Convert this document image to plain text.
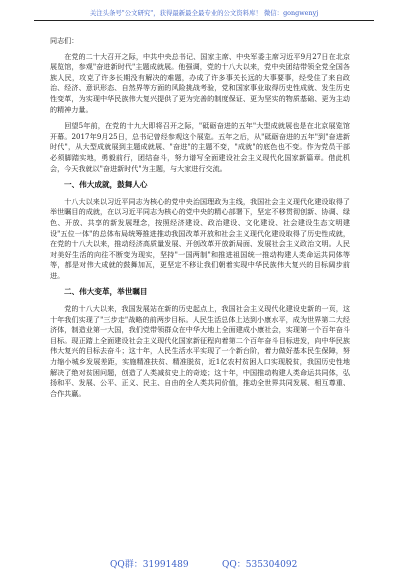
关注头条号"公文研究"，获得最新最全最专业的公文资料库！ 微信：gongwenyj

同志们：

在党的二十大召开之际，中共中央总书记、国家主席、中央军委主席习近平9月27日在北京展览馆，参观"奋进新时代"主题成就展。他强调，党的十八大以来，党中央团结带领全党全国各族人民，攻克了许多长期没有解决的难题，办成了许多事关长远的大事要事，经受住了来自政治、经济、意识形态、自然界等方面的风险挑战考验，党和国家事业取得历史性成就、发生历史性变革，为实现中华民族伟大复兴提供了更为完善的制度保证、更为坚实的物质基础、更为主动的精神力量。

回望5年前，在党的十九大即将召开之际，"砥砺奋进的五年"大型成就展也是在北京展览馆开幕。2017年9月25日，总书记曾经参观这个展览。五年之后，从"砥砺奋进的五年"到"奋进新时代"，从大型成就展到主题成就展、"奋进"的主题不变，"成就"的底色也不变。作为党员干部必须脚踏实地，勇毅前行，团结奋斗，努力谱写全面建设社会主义现代化国家新篇章。借此机会，今天我就以"奋进新时代"为主题，与大家进行交流。

一、伟大成就，鼓舞人心

十八大以来以习近平同志为核心的党中央治国理政为主线，我国社会主义现代化建设取得了举世瞩目的成就，在以习近平同志为核心的党中央的精心部署下，坚定不移贯彻创新、协调、绿色、开放、共享的新发展理念，按照经济建设、政治建设、文化建设、社会建设生态文明建设"五位一体"的总体布局统筹推进推动我国改革开放和社会主义现代化建设取得了历史性成就，在党的十八大以来，推动经济高质量发展、开创改革开放新局面、发展社会主义政治文明。人民对美好生活的向往不断变为现实，坚持"一国两制"和推进祖国统一推动构建人类命运共同体等等，都是对伟大成就的鼓舞加瓦，更坚定不移让我们朝着实现中华民族伟大复兴的目标阔步前进。

二、伟大变革，举世瞩目

党的十八大以来，我国发展站在新的历史起点上，我国社会主义现代化建设史新的一页，这十年我们实现了"三步走"战略的前两步目标。人民生活总体上达到小康水平，成为世界第二大经济体，制造业第一大国，我们党带领群众在中华大地上全面建成小康社会，实现第一个百年奋斗目标。现正踏上全面建设社会主义现代化国家新征程向着第二个百年奋斗目标进发，向中华民族伟大复兴的目标去奋斗；这十年，人民生活水平实现了一个新台阶，着力做好基本民生保障，努力缩小城乡发展差距，实施精准扶贫、精准脱贫，近1亿农村贫困人口实现脱贫，我国历史性地解决了绝对贫困问题，创造了人类减贫史上的奇迹；这十年，中国推动构建人类命运共同体，弘扬和平、发展、公平、正义、民主、自由的全人类共同价值，推动全世界共同发展、相互尊重、合作共赢。

QQ群：31991489	QQ：535304092
